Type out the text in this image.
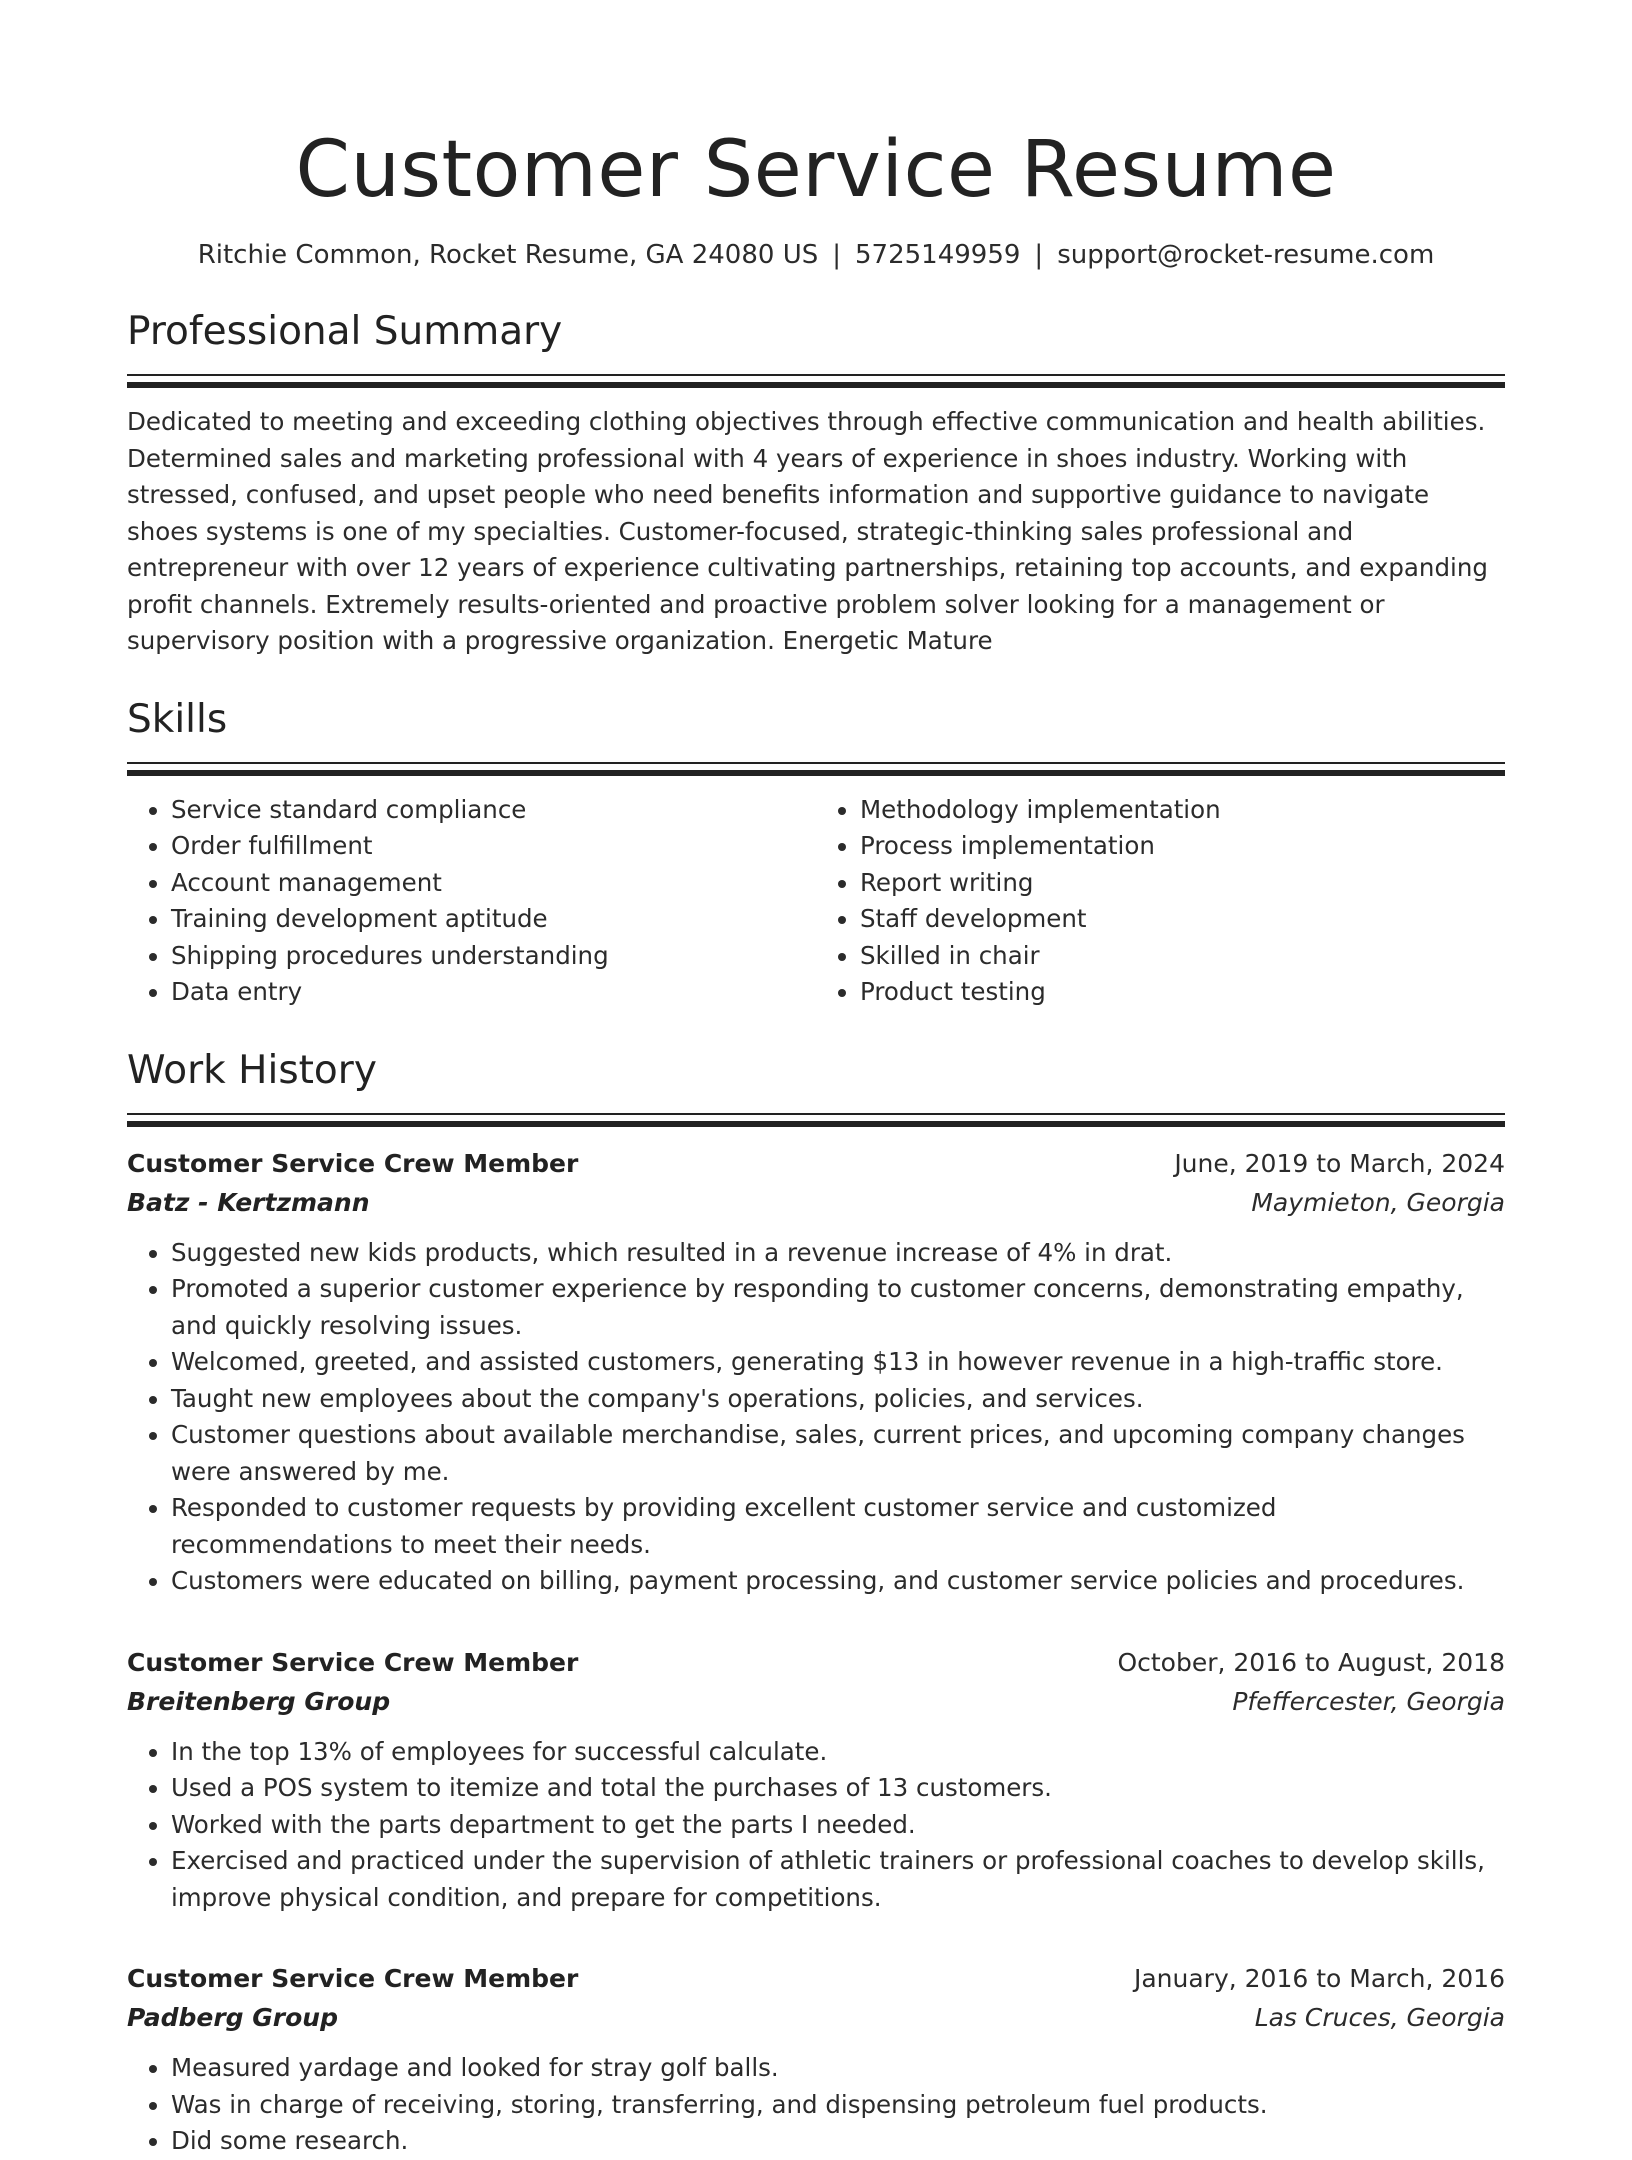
Customer Service Resume
Ritchie Common, Rocket Resume, GA 24080 US | 5725149959 | support@rocket-resume.com
Professional Summary
Dedicated to meeting and exceeding clothing objectives through effective communication and health abilities. Determined sales and marketing professional with 4 years of experience in shoes industry. Working with stressed, confused, and upset people who need benefits information and supportive guidance to navigate shoes systems is one of my specialties. Customer-focused, strategic-thinking sales professional and entrepreneur with over 12 years of experience cultivating partnerships, retaining top accounts, and expanding profit channels. Extremely results-oriented and proactive problem solver looking for a management or supervisory position with a progressive organization. Energetic Mature
Skills
• Service standard compliance
• Order fulfillment
• Account management
• Training development aptitude
• Shipping procedures understanding
• Data entry
• Methodology implementation
• Process implementation
• Report writing
• Staff development
• Skilled in chair
• Product testing
Work History
Customer Service Crew Member	June, 2019 to March, 2024
Batz - Kertzmann	Maymieton, Georgia
• Suggested new kids products, which resulted in a revenue increase of 4% in drat.
• Promoted a superior customer experience by responding to customer concerns, demonstrating empathy, and quickly resolving issues.
• Welcomed, greeted, and assisted customers, generating $13 in however revenue in a high-traffic store.
• Taught new employees about the company's operations, policies, and services.
• Customer questions about available merchandise, sales, current prices, and upcoming company changes were answered by me.
• Responded to customer requests by providing excellent customer service and customized recommendations to meet their needs.
• Customers were educated on billing, payment processing, and customer service policies and procedures.
Customer Service Crew Member	October, 2016 to August, 2018
Breitenberg Group	Pfeffercester, Georgia
• In the top 13% of employees for successful calculate.
• Used a POS system to itemize and total the purchases of 13 customers.
• Worked with the parts department to get the parts I needed.
• Exercised and practiced under the supervision of athletic trainers or professional coaches to develop skills, improve physical condition, and prepare for competitions.
Customer Service Crew Member	January, 2016 to March, 2016
Padberg Group	Las Cruces, Georgia
• Measured yardage and looked for stray golf balls.
• Was in charge of receiving, storing, transferring, and dispensing petroleum fuel products.
• Did some research.
